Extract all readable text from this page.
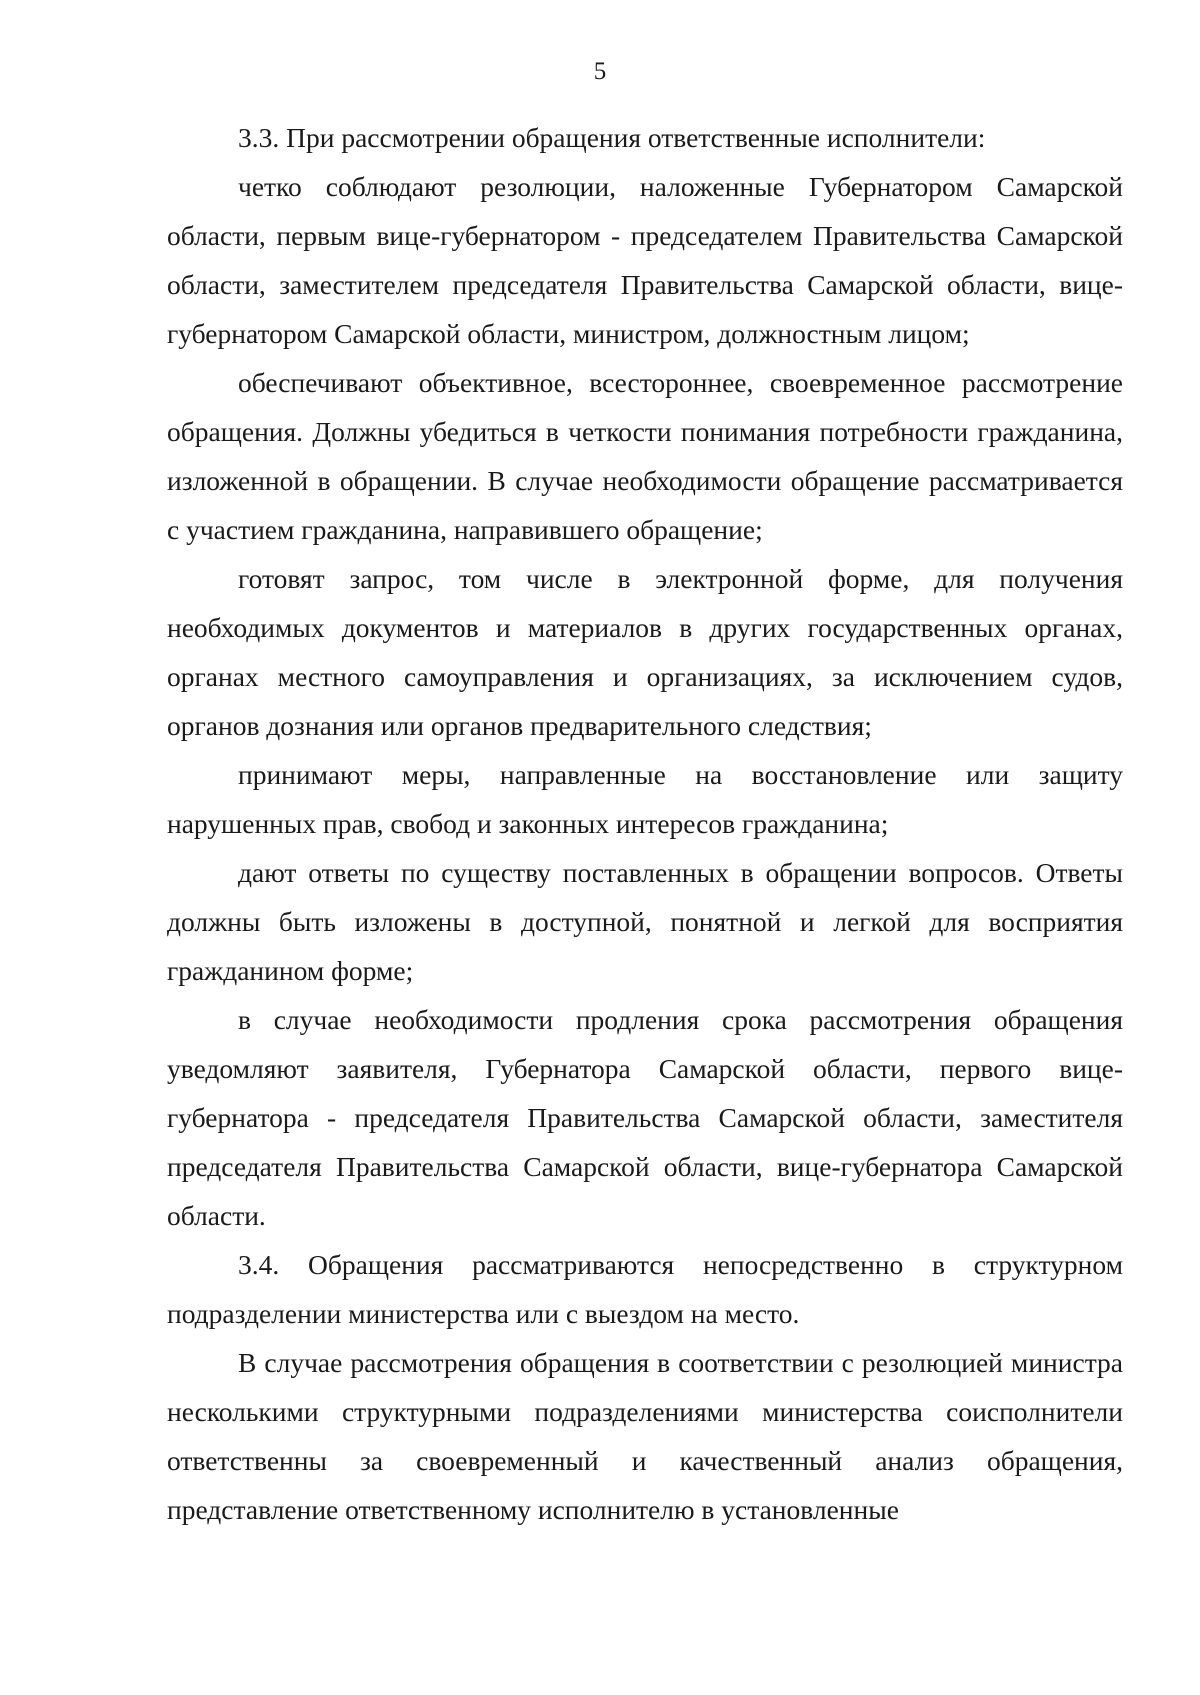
5

3.3. При рассмотрении обращения ответственные исполнители:

четко соблюдают резолюции, наложенные Губернатором Самарской области, первым вице-губернатором - председателем Правительства Самарской области, заместителем председателя Правительства Самарской области, вице-губернатором Самарской области, министром, должностным лицом;

обеспечивают объективное, всестороннее, своевременное рассмотрение обращения. Должны убедиться в четкости понимания потребности гражданина, изложенной в обращении. В случае необходимости обращение рассматривается с участием гражданина, направившего обращение;

готовят запрос, том числе в электронной форме, для получения необходимых документов и материалов в других государственных органах, органах местного самоуправления и организациях, за исключением судов, органов дознания или органов предварительного следствия;

принимают меры, направленные на восстановление или защиту нарушенных прав, свобод и законных интересов гражданина;

дают ответы по существу поставленных в обращении вопросов. Ответы должны быть изложены в доступной, понятной и легкой для восприятия гражданином форме;

в случае необходимости продления срока рассмотрения обращения уведомляют заявителя, Губернатора Самарской области, первого вице-губернатора - председателя Правительства Самарской области, заместителя председателя Правительства Самарской области, вице-губернатора Самарской области.

3.4. Обращения рассматриваются непосредственно в структурном подразделении министерства или с выездом на место.

В случае рассмотрения обращения в соответствии с резолюцией министра несколькими структурными подразделениями министерства соисполнители ответственны за своевременный и качественный анализ обращения, представление ответственному исполнителю в установленные
